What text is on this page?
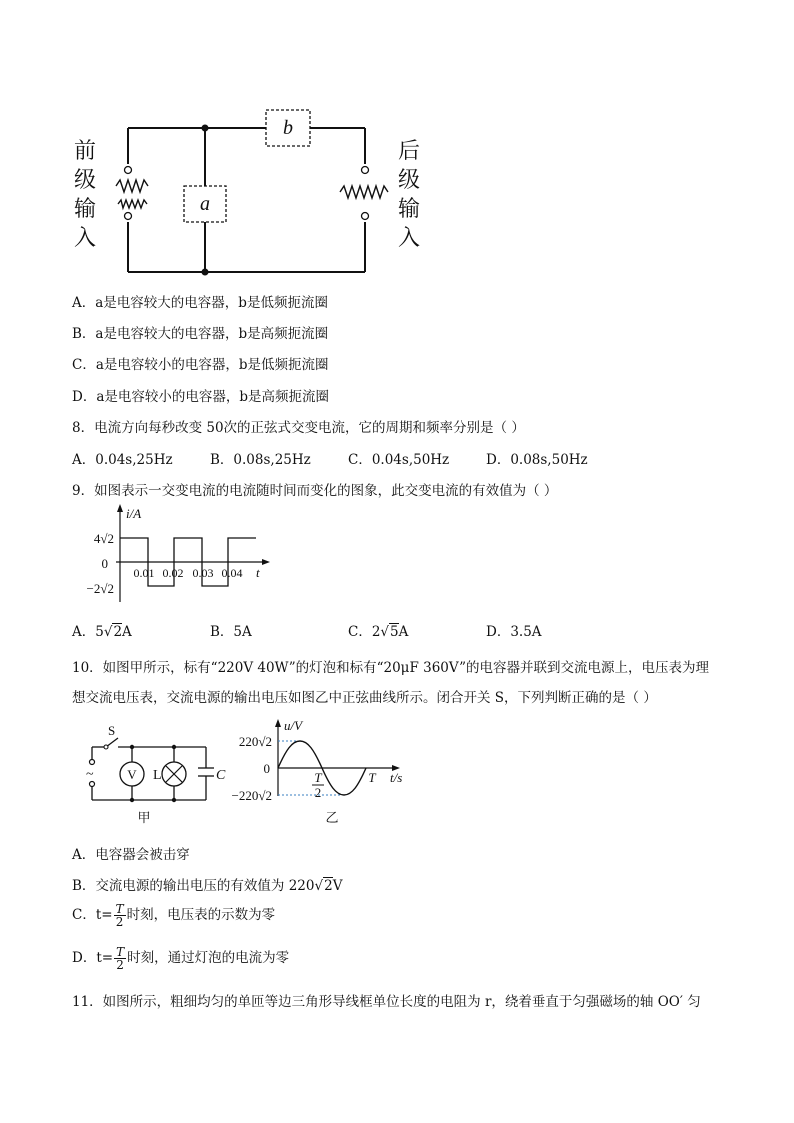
a
b
前
级
输
入
后
级
输
入
A．a是电容较大的电容器，b是低频扼流圈
B．a是电容较大的电容器，b是高频扼流圈
C．a是电容较小的电容器，b是低频扼流圈
D．a是电容较小的电容器，b是高频扼流圈
8．电流方向每秒改变 50次的正弦式交变电流，它的周期和频率分别是（ ）
A．0.04s,25Hz	B．0.08s,25Hz	C．0.04s,50Hz	D．0.08s,50Hz
9．如图表示一交变电流的电流随时间而变化的图象，此交变电流的有效值为（ ）
i/A
t
4√2
0
−2√2
0.01 0.02 0.03 0.04
A．5√2A	B．5A	C．2√5A	D．3.5A
10．如图甲所示，标有“220V 40W”的灯泡和标有“20μF 360V”的电容器并联到交流电源上，电压表为理
想交流电压表，交流电源的输出电压如图乙中正弦曲线所示。闭合开关 S，下列判断正确的是（ ）
V L	C
S
~
甲
u/V
t/s
220√2
0
−220√2
T
2
T
乙
A．电容器会被击穿
B．交流电源的输出电压的有效值为 220√2V
C．$t= \frac{T}{2}$ 时刻，电压表的示数为零
D．$t= \frac{T}{2}$ 时刻，通过灯泡的电流为零
11．如图所示，粗细均匀的单匝等边三角形导线框单位长度的电阻为 r，绕着垂直于匀强磁场的轴 OO′ 匀
